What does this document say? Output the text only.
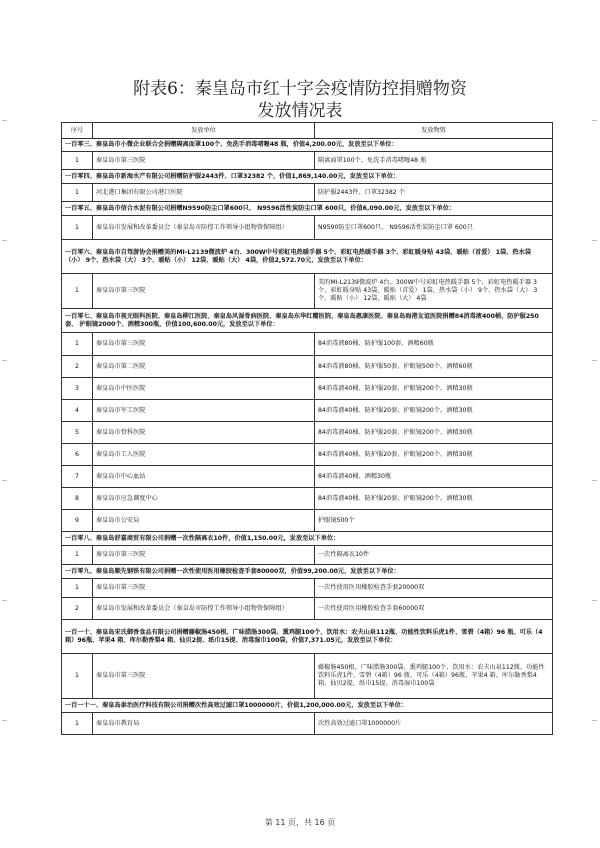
附表6：秦皇岛市红十字会疫情防控捐赠物资
发放情况表
序号	发放单位	发放物资
一百零三、秦皇岛市小微企业联合会捐赠隔离面罩100个、免洗手消毒啫喱48 瓶，价值4,200.00元，发放至以下单位：		
1	秦皇岛市第三医院	隔离面罩100个、免洗手消毒啫喱48 瓶
一百零四、秦皇岛市新海水产有限公司捐赠防护服2443件、口罩32382 个，价值1,869,140.00元，发放至以下单位：		
1	河北港口集团有限公司港口医院	防护服2443件、口罩32382 个
一百零五、秦皇岛市信合水泥有限公司捐赠N9590防尘口罩600只、 N9596活性炭防尘口罩 600只，价值6,090.00元，发放至以下单位：		
1	秦皇岛市发展和改革委员会（秦皇岛市防控工作领导小组物资保障组）	N9590防尘口罩600只、 N9596活性炭防尘口罩 600只
一百零六、秦皇岛市自驾游协会捐赠美的MI-L2139微波炉 4台、300W中号彩虹电热暖手器 5个、彩虹电热暖手器 3个、彩虹暖身贴 43袋、暖贴（首爱） 1袋、热水袋（小） 9个、热水袋（大） 3个、暖贴（小） 12袋、暖贴（大） 4袋，价值2,572.70元，发放至以下单位：		
1	秦皇岛市第三医院	美的MI-L2139微波炉 4台、300W中号彩虹电热暖手器 5个、彩虹电热暖手器 3个、彩虹暖身贴 43袋、暖贴（首爱） 1袋、热水袋（小） 9个、热水袋（大） 3个、暖贴（小） 12袋、暖贴（大） 4袋
一百零七、秦皇岛市视光眼科医院、秦皇岛柳江医院、秦皇岛风湿骨病医院、秦皇岛东华红瓣医院、秦皇岛惠康医院、秦皇岛海港友谊医院捐赠84消毒液400桶、防护服250套、 护眼镜2000个、酒精300瓶，价值100,600.00元，发放至以下单位：		
1	秦皇岛市第三医院	84消毒液80桶、防护服100套、酒精60瓶
2	秦皇岛市第二医院	84消毒液80桶、防护服50套、护眼镜500个、酒精60瓶
3	秦皇岛市中医医院	84消毒液40桶、防护服20套、护眼镜200个、酒精30瓶
4	秦皇岛市军工医院	84消毒液40桶、防护服20套、护眼镜200个、酒精30瓶
5	秦皇岛市骨科医院	84消毒液40桶、防护服20套、护眼镜200个、酒精30瓶
6	秦皇岛市工人医院	84消毒液40桶、防护服20套、护眼镜200个、酒精30瓶
7	秦皇岛市中心血站	84消毒液40桶、酒精30瓶
8	秦皇岛市应急调度中心	84消毒液40桶、防护服20套、护眼镜200个、酒精30瓶
9	秦皇岛市公安局	护眼镜500个
一百零八、秦皇岛舒嘉商贸有限公司捐赠一次性隔离衣10件，价值1,150.00元，发放至以下单位：		
1	秦皇岛市第三医院	一次性隔离衣10件
一百零九、秦皇岛顺先钢铁有限公司捐赠一次性使用医用橡胶检查手套80000双，价值99,200.00元，发放至以下单位：		
1	秦皇岛市第三医院	一次性使用医用橡胶检查手套20000双
2	秦皇岛市发展和改革委员会（秦皇岛市防控工作领导小组物资保障组）	一次性使用医用橡胶检查手套60000双
一百一十、秦皇岛宋氏御香食品有限公司捐赠藤椒肠450根、广味腊肠300袋、熏鸡腿100个、饮用水：农夫山泉112瓶、功能性饮料乐虎1件、雪碧（4箱）96 瓶、可乐（4箱）96瓶、苹果4 箱、库尔勒香梨4 箱、仙贝2提、纸巾15提、消毒湿巾100袋，价值7,371.05元，发放至以下单位：		
1	秦皇岛市第三医院	藤椒肠450根、广味腊肠300袋、熏鸡腿100个、饮用水：农夫山泉112瓶、功能性饮料乐虎1件、雪碧（4箱）96 瓶、可乐（4箱）96瓶、苹果4 箱、库尔勒香梨4 箱、仙贝2提、纸巾15提、消毒湿巾100袋
一百一十一、秦皇岛泰治医疗科技有限公司捐赠次性高效过滤口罩1000000片，价值1,200,000.00元，发放至以下单位：		
1	秦皇岛市教育局	次性高效过滤口罩1000000片
第 11 页，共 16 页
